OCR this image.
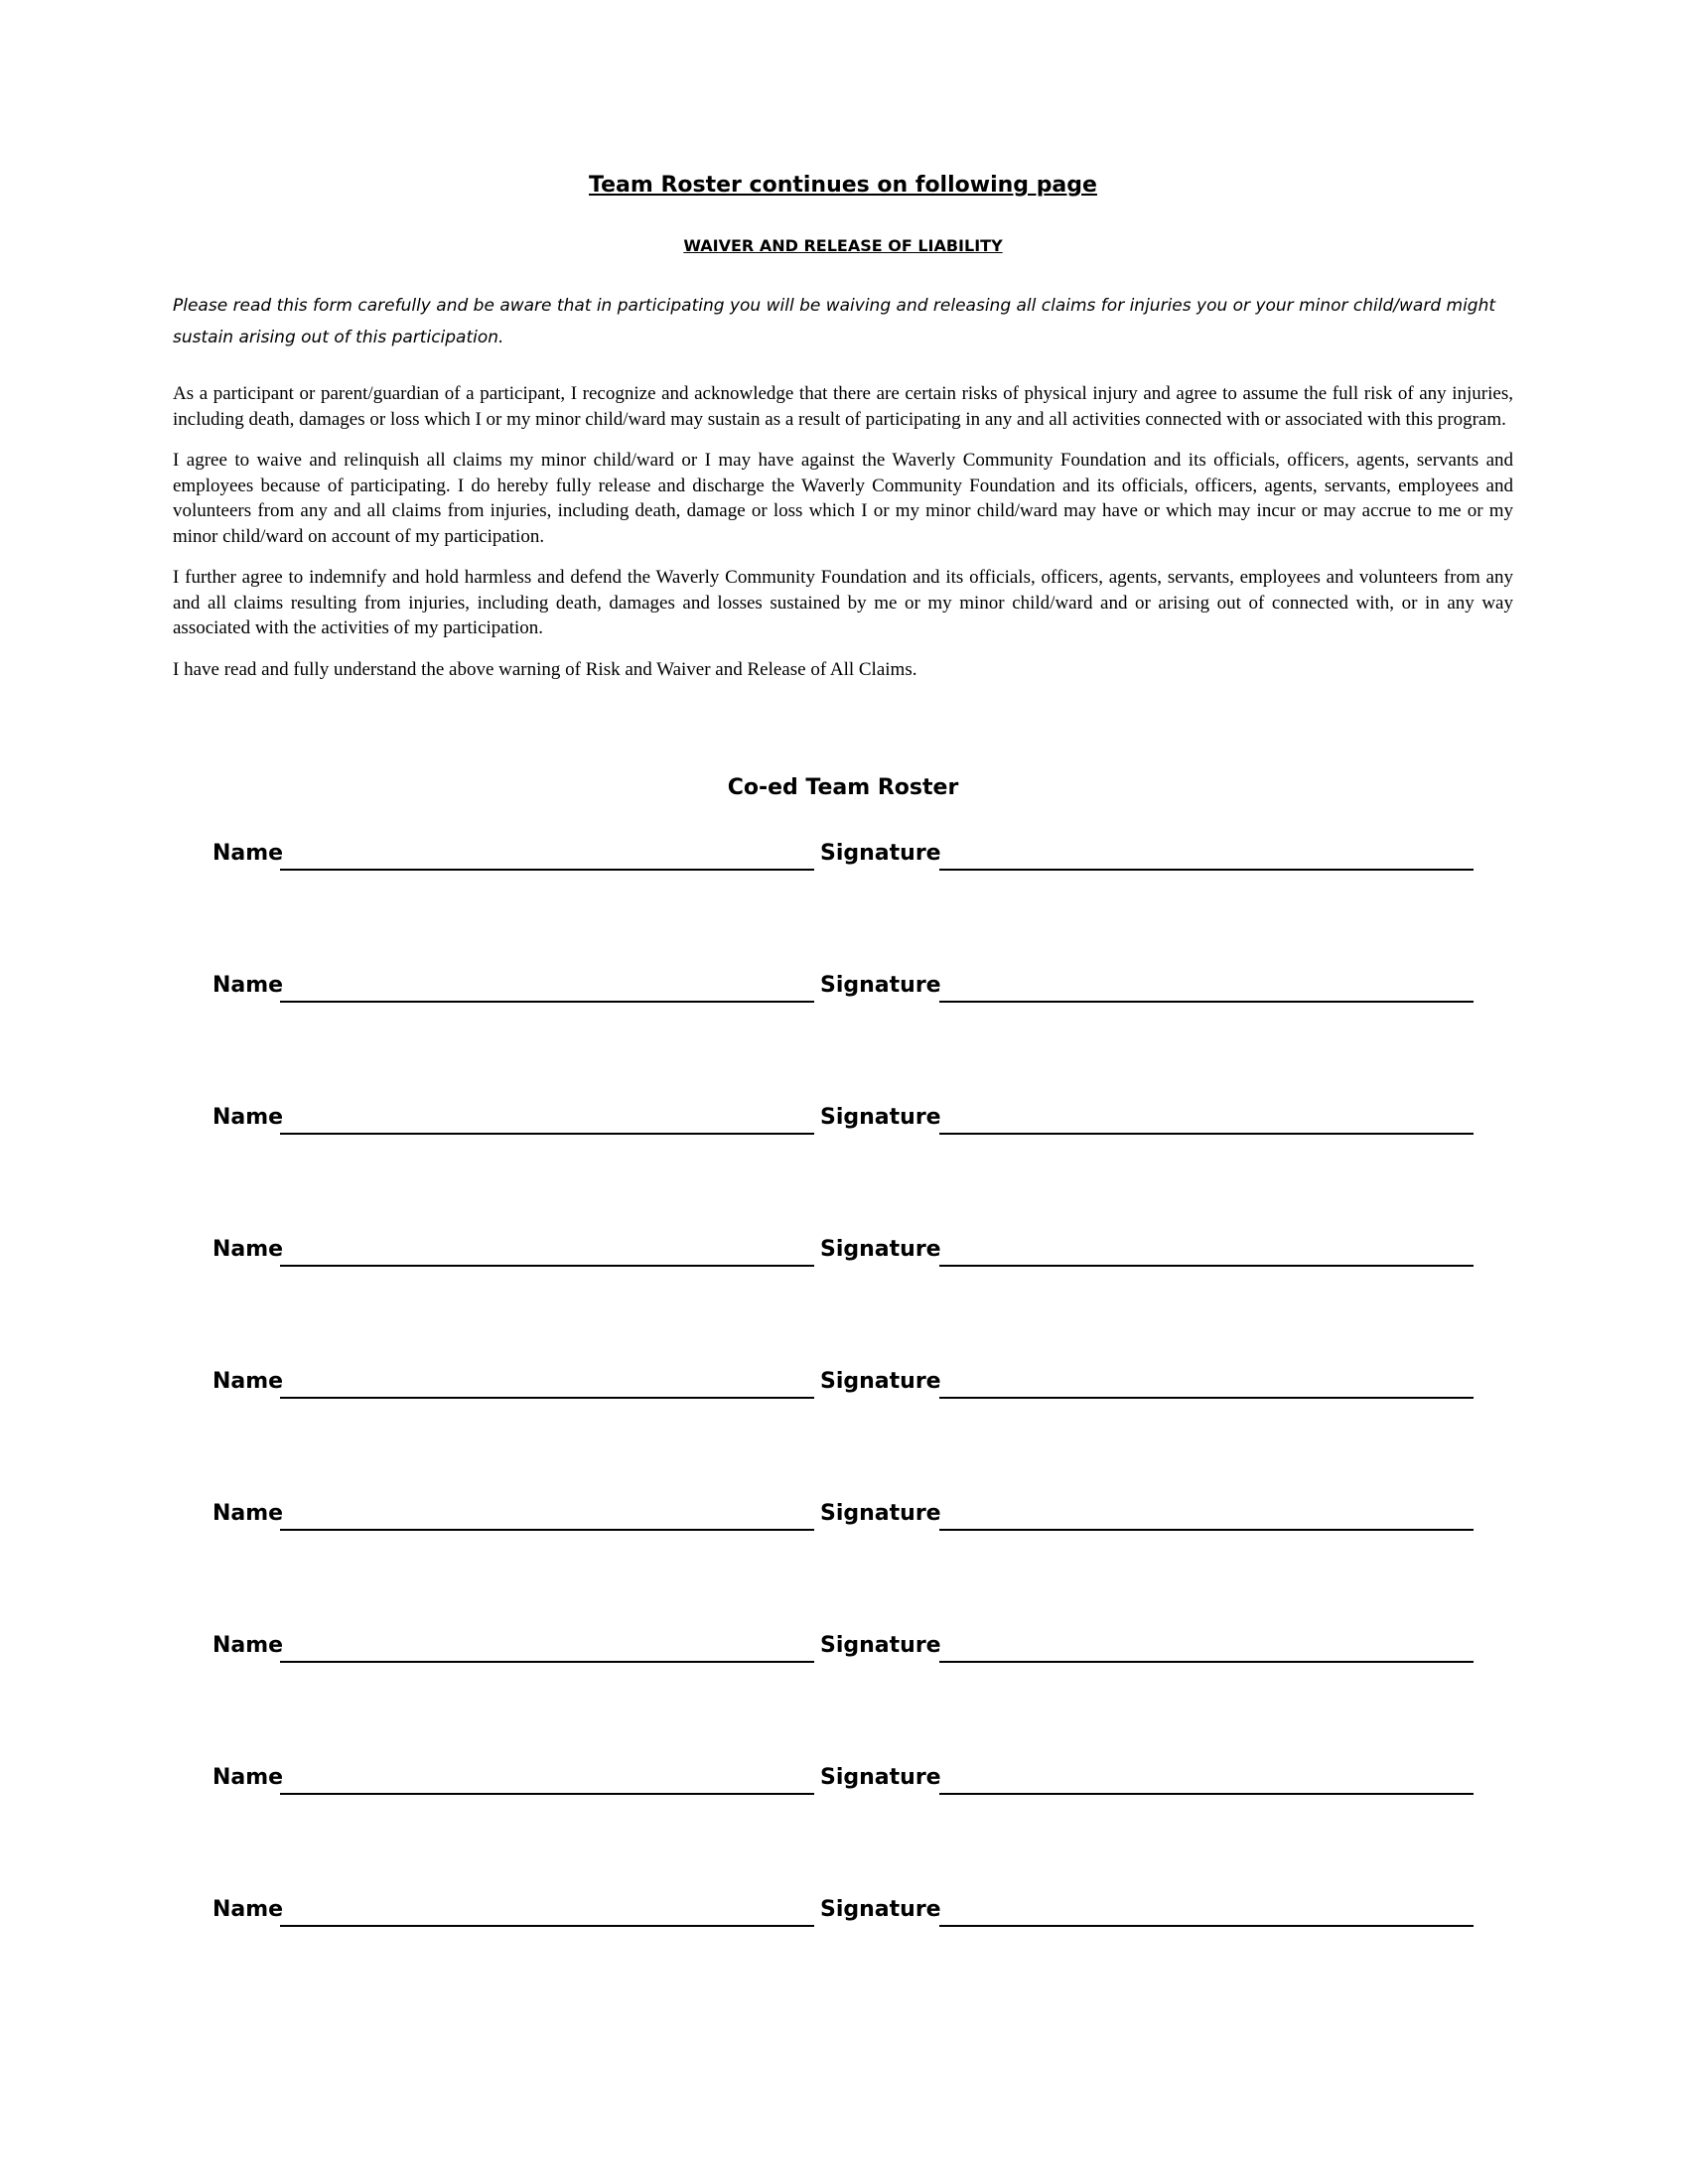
Team Roster continues on following page
WAIVER AND RELEASE OF LIABILITY

Please read this form carefully and be aware that in participating you will be waiving and releasing all claims for injuries you or your minor child/ward might sustain arising out of this participation.

As a participant or parent/guardian of a participant, I recognize and acknowledge that there are certain risks of physical injury and agree to assume the full risk of any injuries, including death, damages or loss which I or my minor child/ward may sustain as a result of participating in any and all activities connected with or associated with this program.

I agree to waive and relinquish all claims my minor child/ward or I may have against the Waverly Community Foundation and its officials, officers, agents, servants and employees because of participating. I do hereby fully release and discharge the Waverly Community Foundation and its officials, officers, agents, servants, employees and volunteers from any and all claims from injuries, including death, damage or loss which I or my minor child/ward may have or which may incur or may accrue to me or my minor child/ward on account of my participation.

I further agree to indemnify and hold harmless and defend the Waverly Community Foundation and its officials, officers, agents, servants, employees and volunteers from any and all claims resulting from injuries, including death, damages and losses sustained by me or my minor child/ward and or arising out of connected with, or in any way associated with the activities of my participation.

I have read and fully understand the above warning of Risk and Waiver and Release of All Claims.

Co-ed Team Roster
Name	Signature
Name	Signature
Name	Signature
Name	Signature
Name	Signature
Name	Signature
Name	Signature
Name	Signature
Name	Signature
